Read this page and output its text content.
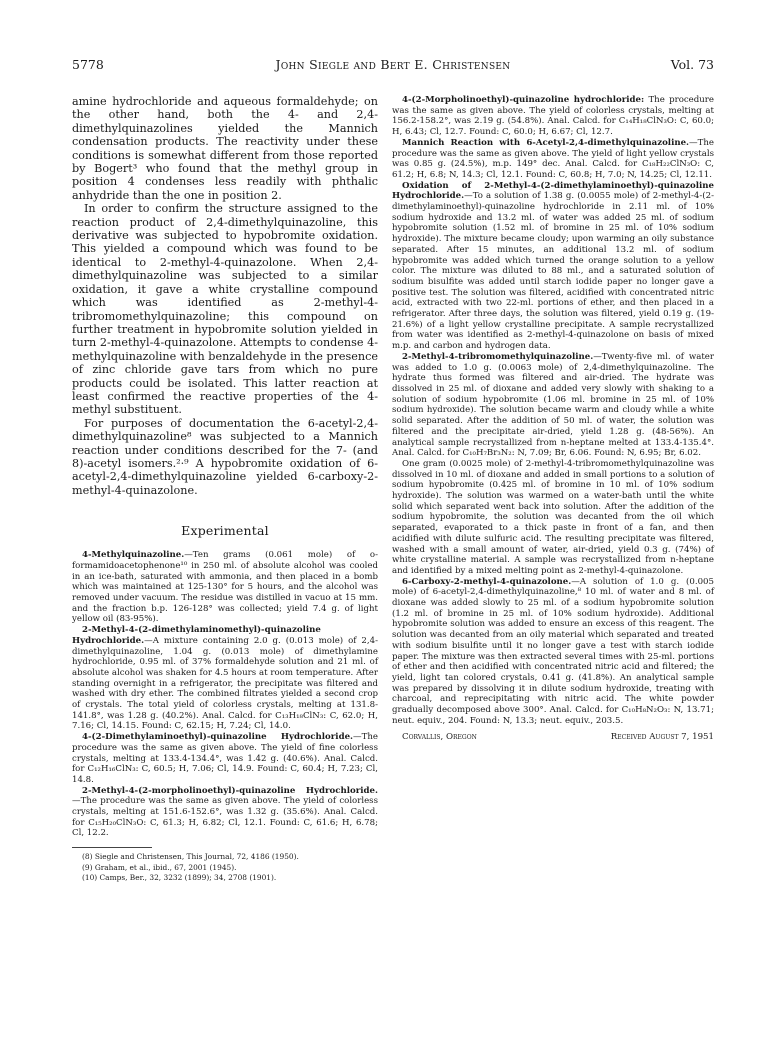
5778	John Siegle and Bert E. Christensen	Vol. 73

amine hydrochloride and aqueous formaldehyde; on the other hand, both the 4- and 2,4-dimethylquinazolines yielded the Mannich condensation products. The reactivity under these conditions is somewhat different from those reported by Bogert³ who found that the methyl group in position 4 condenses less readily with phthalic anhydride than the one in position 2.

In order to confirm the structure assigned to the reaction product of 2,4-dimethylquinazoline, this derivative was subjected to hypobromite oxidation. This yielded a compound which was found to be identical to 2-methyl-4-quinazolone. When 2,4-dimethylquinazoline was subjected to a similar oxidation, it gave a white crystalline compound which was identified as 2-methyl-4-tribromomethylquinazoline; this compound on further treatment in hypobromite solution yielded in turn 2-methyl-4-quinazolone. Attempts to condense 4-methylquinazoline with benzaldehyde in the presence of zinc chloride gave tars from which no pure products could be isolated. This latter reaction at least confirmed the reactive properties of the 4-methyl substituent.

For purposes of documentation the 6-acetyl-2,4-dimethylquinazoline⁸ was subjected to a Mannich reaction under conditions described for the 7- (and 8)-acetyl isomers.²·⁹ A hypobromite oxidation of 6-acetyl-2,4-dimethylquinazoline yielded 6-carboxy-2-methyl-4-quinazolone.

Experimental

4-Methylquinazoline.—Ten grams (0.061 mole) of o-formamidoacetophenone¹⁰ in 250 ml. of absolute alcohol was cooled in an ice-bath, saturated with ammonia, and then placed in a bomb which was maintained at 125-130° for 5 hours, and the alcohol was removed under vacuum. The residue was distilled in vacuo at 15 mm. and the fraction b.p. 126-128° was collected; yield 7.4 g. of light yellow oil (83-95%).

2-Methyl-4-(2-dimethylaminomethyl)-quinazoline Hydrochloride.—A mixture containing 2.0 g. (0.013 mole) of 2,4-dimethylquinazoline, 1.04 g. (0.013 mole) of dimethylamine hydrochloride, 0.95 ml. of 37% formaldehyde solution and 21 ml. of absolute alcohol was shaken for 4.5 hours at room temperature. After standing overnight in a refrigerator, the precipitate was filtered and washed with dry ether. The combined filtrates yielded a second crop of crystals. The total yield of colorless crystals, melting at 131.8-141.8°, was 1.28 g. (40.2%). Anal. Calcd. for C₁₃H₁₈ClN₃: C, 62.0; H, 7.16; Cl, 14.15. Found: C, 62.15; H, 7.24; Cl, 14.0.

4-(2-Dimethylaminoethyl)-quinazoline Hydrochloride.—The procedure was the same as given above. The yield of fine colorless crystals, melting at 133.4-134.4°, was 1.42 g. (40.6%). Anal. Calcd. for C₁₂H₁₆ClN₃: C, 60.5; H, 7.06; Cl, 14.9. Found: C, 60.4; H, 7.23; Cl, 14.8.

2-Methyl-4-(2-morpholinoethyl)-quinazoline Hydrochloride.—The procedure was the same as given above. The yield of colorless crystals, melting at 151.6-152.6°, was 1.32 g. (35.6%). Anal. Calcd. for C₁₅H₂₀ClN₃O: C, 61.3; H, 6.82; Cl, 12.1. Found: C, 61.6; H, 6.78; Cl, 12.2.

(8) Siegle and Christensen, This Journal, 72, 4186 (1950).

(9) Graham, et al., ibid., 67, 2001 (1945).

(10) Camps, Ber., 32, 3232 (1899); 34, 2708 (1901).

4-(2-Morpholinoethyl)-quinazoline hydrochloride: The procedure was the same as given above. The yield of colorless crystals, melting at 156.2-158.2°, was 2.19 g. (54.8%). Anal. Calcd. for C₁₄H₁₈ClN₃O: C, 60.0; H, 6.43; Cl, 12.7. Found: C, 60.0; H, 6.67; Cl, 12.7.

Mannich Reaction with 6-Acetyl-2,4-dimethylquinazoline.—The procedure was the same as given above. The yield of light yellow crystals was 0.85 g. (24.5%), m.p. 149° dec. Anal. Calcd. for C₁₈H₂₂ClN₃O: C, 61.2; H, 6.8; N, 14.3; Cl, 12.1. Found: C, 60.8; H, 7.0; N, 14.25; Cl, 12.11.

Oxidation of 2-Methyl-4-(2-dimethylaminoethyl)-quinazoline Hydrochloride.—To a solution of 1.38 g. (0.0055 mole) of 2-methyl-4-(2-dimethylaminoethyl)-quinazoline hydrochloride in 2.11 ml. of 10% sodium hydroxide and 13.2 ml. of water was added 25 ml. of sodium hypobromite solution (1.52 ml. of bromine in 25 ml. of 10% sodium hydroxide). The mixture became cloudy; upon warming an oily substance separated. After 15 minutes, an additional 13.2 ml. of sodium hypobromite was added which turned the orange solution to a yellow color. The mixture was diluted to 88 ml., and a saturated solution of sodium bisulfite was added until starch iodide paper no longer gave a positive test. The solution was filtered, acidified with concentrated nitric acid, extracted with two 22-ml. portions of ether, and then placed in a refrigerator. After three days, the solution was filtered, yield 0.19 g. (19-21.6%) of a light yellow crystalline precipitate. A sample recrystallized from water was identified as 2-methyl-4-quinazolone on basis of mixed m.p. and carbon and hydrogen data.

2-Methyl-4-tribromomethylquinazoline.—Twenty-five ml. of water was added to 1.0 g. (0.0063 mole) of 2,4-dimethylquinazoline. The hydrate thus formed was filtered and air-dried. The hydrate was dissolved in 25 ml. of dioxane and added very slowly with shaking to a solution of sodium hypobromite (1.06 ml. bromine in 25 ml. of 10% sodium hydroxide). The solution became warm and cloudy while a white solid separated. After the addition of 50 ml. of water, the solution was filtered and the precipitate air-dried, yield 1.28 g. (48-56%). An analytical sample recrystallized from n-heptane melted at 133.4-135.4°. Anal. Calcd. for C₁₀H₇Br₃N₂: N, 7.09; Br, 6.06. Found: N, 6.95; Br, 6.02.

One gram (0.0025 mole) of 2-methyl-4-tribromomethylquinazoline was dissolved in 10 ml. of dioxane and added in small portions to a solution of sodium hypobromite (0.425 ml. of bromine in 10 ml. of 10% sodium hydroxide). The solution was warmed on a water-bath until the white solid which separated went back into solution. After the addition of the sodium hypobromite, the solution was decanted from the oil which separated, evaporated to a thick paste in front of a fan, and then acidified with dilute sulfuric acid. The resulting precipitate was filtered, washed with a small amount of water, air-dried, yield 0.3 g. (74%) of white crystalline material. A sample was recrystallized from n-heptane and identified by a mixed melting point as 2-methyl-4-quinazolone.

6-Carboxy-2-methyl-4-quinazolone.—A solution of 1.0 g. (0.005 mole) of 6-acetyl-2,4-dimethylquinazoline,⁸ 10 ml. of water and 8 ml. of dioxane was added slowly to 25 ml. of a sodium hypobromite solution (1.2 ml. of bromine in 25 ml. of 10% sodium hydroxide). Additional hypobromite solution was added to ensure an excess of this reagent. The solution was decanted from an oily material which separated and treated with sodium bisulfite until it no longer gave a test with starch iodide paper. The mixture was then extracted several times with 25-ml. portions of ether and then acidified with concentrated nitric acid and filtered; the yield, light tan colored crystals, 0.41 g. (41.8%). An analytical sample was prepared by dissolving it in dilute sodium hydroxide, treating with charcoal, and reprecipitating with nitric acid. The white powder gradually decomposed above 300°. Anal. Calcd. for C₁₀H₈N₂O₃: N, 13.71; neut. equiv., 204. Found: N, 13.3; neut. equiv., 203.5.

Corvallis, Oregon	Received August 7, 1951
